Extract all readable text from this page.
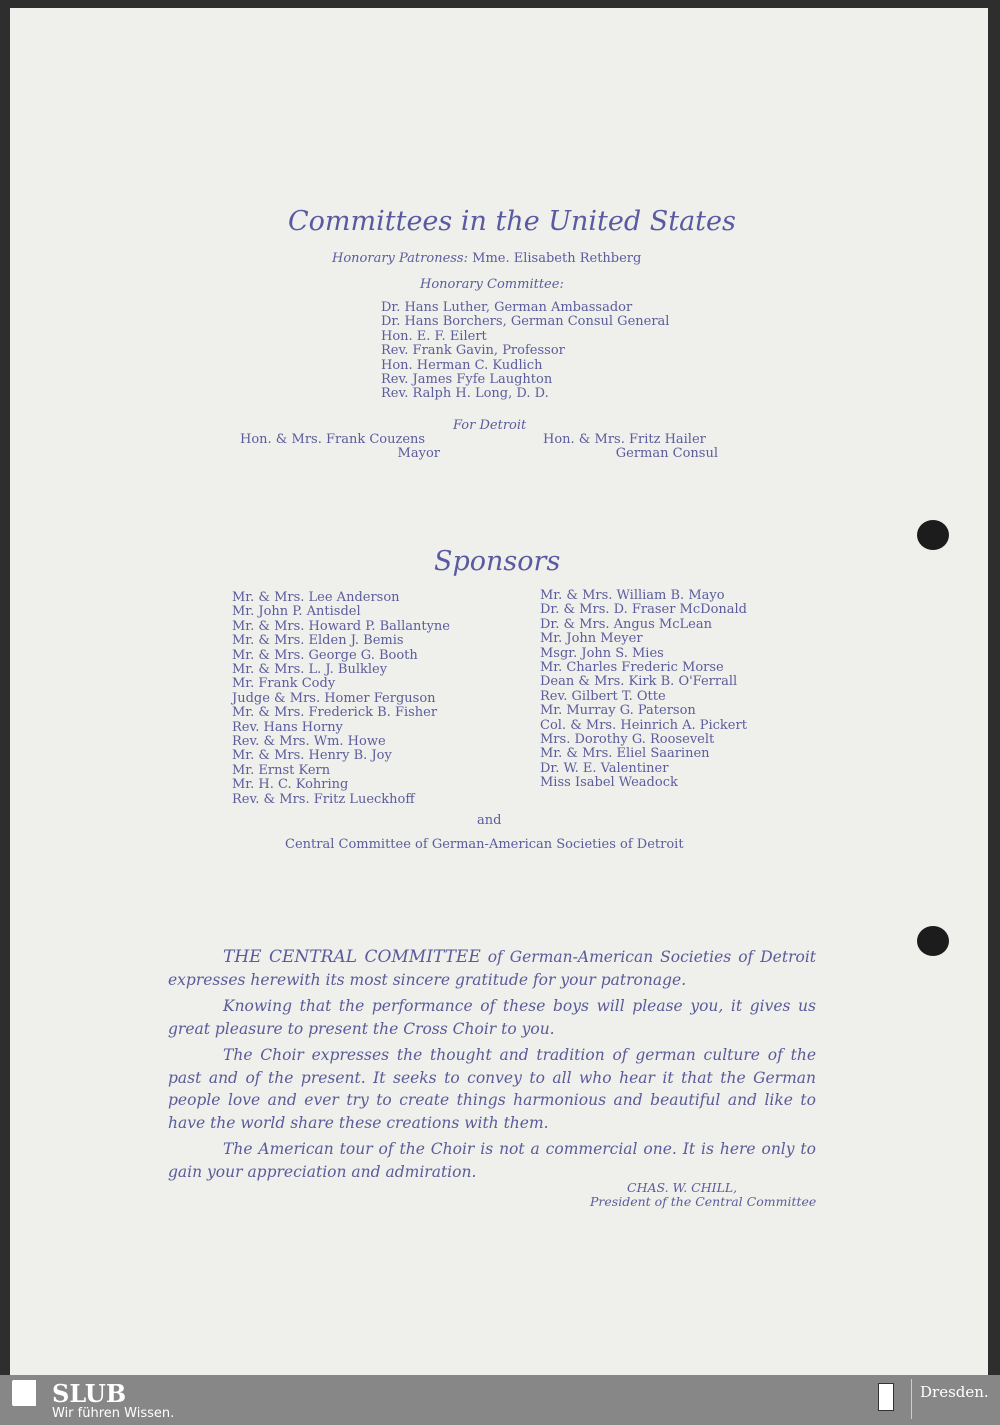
Committees in the United States
Honorary Patroness: Mme. Elisabeth Rethberg
Honorary Committee:
Dr. Hans Luther, German Ambassador
Dr. Hans Borchers, German Consul General
Hon. E. F. Eilert
Rev. Frank Gavin, Professor
Hon. Herman C. Kudlich
Rev. James Fyfe Laughton
Rev. Ralph H. Long, D. D.
For Detroit
Hon. & Mrs. Frank Couzens
Mayor
Hon. & Mrs. Fritz Hailer
German Consul
Sponsors
Mr. & Mrs. Lee Anderson
Mr. John P. Antisdel
Mr. & Mrs. Howard P. Ballantyne
Mr. & Mrs. Elden J. Bemis
Mr. & Mrs. George G. Booth
Mr. & Mrs. L. J. Bulkley
Mr. Frank Cody
Judge & Mrs. Homer Ferguson
Mr. & Mrs. Frederick B. Fisher
Rev. Hans Horny
Rev. & Mrs. Wm. Howe
Mr. & Mrs. Henry B. Joy
Mr. Ernst Kern
Mr. H. C. Kohring
Rev. & Mrs. Fritz Lueckhoff
Mr. & Mrs. William B. Mayo
Dr. & Mrs. D. Fraser McDonald
Dr. & Mrs. Angus McLean
Mr. John Meyer
Msgr. John S. Mies
Mr. Charles Frederic Morse
Dean & Mrs. Kirk B. O'Ferrall
Rev. Gilbert T. Otte
Mr. Murray G. Paterson
Col. & Mrs. Heinrich A. Pickert
Mrs. Dorothy G. Roosevelt
Mr. & Mrs. Eliel Saarinen
Dr. W. E. Valentiner
Miss Isabel Weadock
and
Central Committee of German-American Societies of Detroit

THE CENTRAL COMMITTEE of German-American Societies of Detroit expresses herewith its most sincere gratitude for your patronage.

Knowing that the performance of these boys will please you, it gives us great pleasure to present the Cross Choir to you.

The Choir expresses the thought and tradition of german culture of the past and of the present. It seeks to convey to all who hear it that the German people love and ever try to create things harmonious and beautiful and like to have the world share these creations with them.

The American tour of the Choir is not a commercial one. It is here only to gain your appreciation and admiration.

CHAS. W. CHILL,
President of the Central Committee
SLUB
Wir führen Wissen.
Dresden.
